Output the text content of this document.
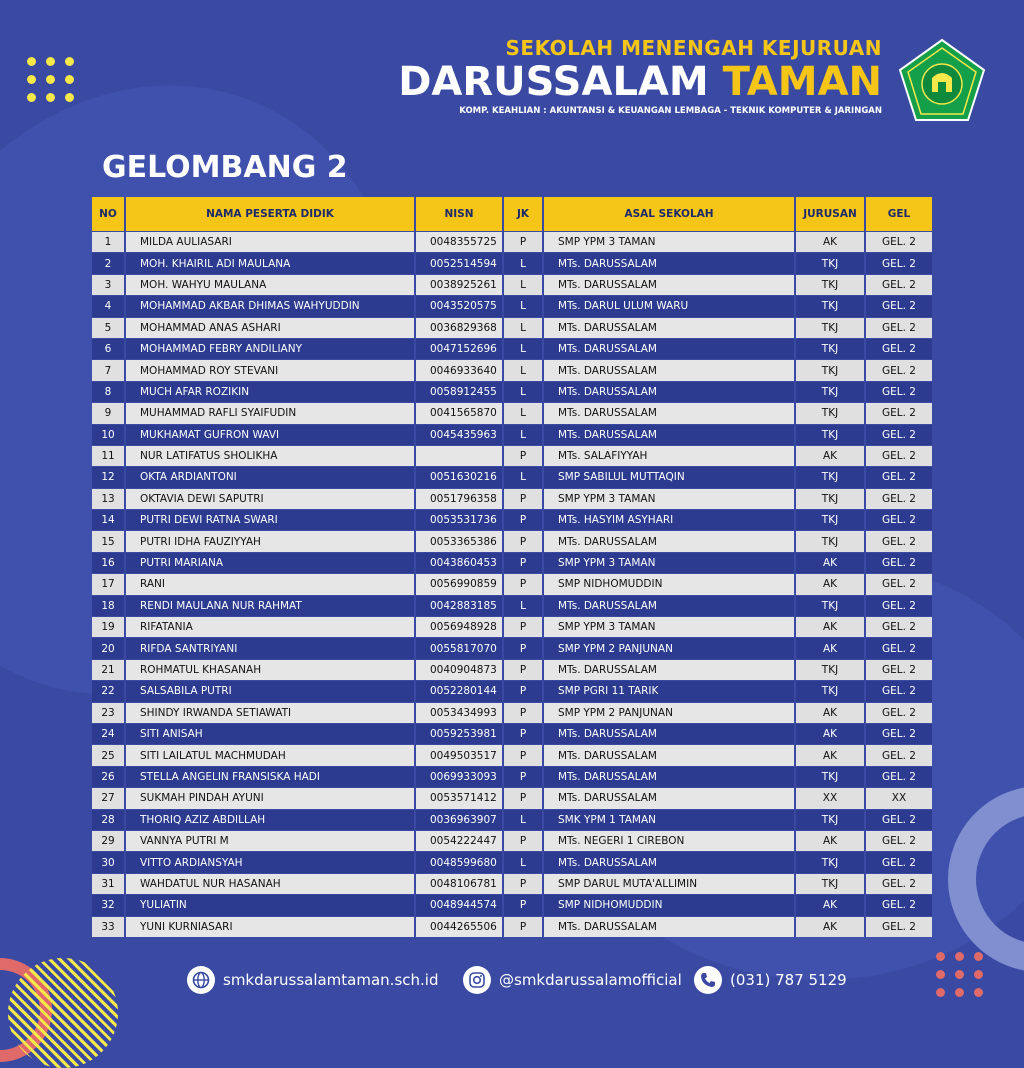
SEKOLAH MENENGAH KEJURUAN
DARUSSALAM TAMAN
KOMP. KEAHLIAN : AKUNTANSI & KEUANGAN LEMBAGA - TEKNIK KOMPUTER & JARINGAN
GELOMBANG 2
NO	NAMA PESERTA DIDIK	NISN	JK	ASAL SEKOLAH	JURUSAN	GEL
1	MILDA AULIASARI	0048355725	P	SMP YPM 3 TAMAN	AK	GEL. 2
2	MOH. KHAIRIL ADI MAULANA	0052514594	L	MTs. DARUSSALAM	TKJ	GEL. 2
3	MOH. WAHYU MAULANA	0038925261	L	MTs. DARUSSALAM	TKJ	GEL. 2
4	MOHAMMAD AKBAR DHIMAS WAHYUDDIN	0043520575	L	MTs. DARUL ULUM WARU	TKJ	GEL. 2
5	MOHAMMAD ANAS ASHARI	0036829368	L	MTs. DARUSSALAM	TKJ	GEL. 2
6	MOHAMMAD FEBRY ANDILIANY	0047152696	L	MTs. DARUSSALAM	TKJ	GEL. 2
7	MOHAMMAD ROY STEVANI	0046933640	L	MTs. DARUSSALAM	TKJ	GEL. 2
8	MUCH AFAR ROZIKIN	0058912455	L	MTs. DARUSSALAM	TKJ	GEL. 2
9	MUHAMMAD RAFLI SYAIFUDIN	0041565870	L	MTs. DARUSSALAM	TKJ	GEL. 2
10	MUKHAMAT GUFRON WAVI	0045435963	L	MTs. DARUSSALAM	TKJ	GEL. 2
11	NUR LATIFATUS SHOLIKHA		P	MTs. SALAFIYYAH	AK	GEL. 2
12	OKTA ARDIANTONI	0051630216	L	SMP SABILUL MUTTAQIN	TKJ	GEL. 2
13	OKTAVIA DEWI SAPUTRI	0051796358	P	SMP YPM 3 TAMAN	TKJ	GEL. 2
14	PUTRI DEWI RATNA SWARI	0053531736	P	MTs. HASYIM ASYHARI	TKJ	GEL. 2
15	PUTRI IDHA FAUZIYYAH	0053365386	P	MTs. DARUSSALAM	TKJ	GEL. 2
16	PUTRI MARIANA	0043860453	P	SMP YPM 3 TAMAN	AK	GEL. 2
17	RANI	0056990859	P	SMP NIDHOMUDDIN	AK	GEL. 2
18	RENDI MAULANA NUR RAHMAT	0042883185	L	MTs. DARUSSALAM	TKJ	GEL. 2
19	RIFATANIA	0056948928	P	SMP YPM 3 TAMAN	AK	GEL. 2
20	RIFDA SANTRIYANI	0055817070	P	SMP YPM 2 PANJUNAN	AK	GEL. 2
21	ROHMATUL KHASANAH	0040904873	P	MTs. DARUSSALAM	TKJ	GEL. 2
22	SALSABILA PUTRI	0052280144	P	SMP PGRI 11 TARIK	TKJ	GEL. 2
23	SHINDY IRWANDA SETIAWATI	0053434993	P	SMP YPM 2 PANJUNAN	AK	GEL. 2
24	SITI ANISAH	0059253981	P	MTs. DARUSSALAM	AK	GEL. 2
25	SITI LAILATUL MACHMUDAH	0049503517	P	MTs. DARUSSALAM	AK	GEL. 2
26	STELLA ANGELIN FRANSISKA HADI	0069933093	P	MTs. DARUSSALAM	TKJ	GEL. 2
27	SUKMAH PINDAH AYUNI	0053571412	P	MTs. DARUSSALAM	XX	XX
28	THORIQ AZIZ ABDILLAH	0036963907	L	SMK YPM 1 TAMAN	TKJ	GEL. 2
29	VANNYA PUTRI M	0054222447	P	MTs. NEGERI 1 CIREBON	AK	GEL. 2
30	VITTO ARDIANSYAH	0048599680	L	MTs. DARUSSALAM	TKJ	GEL. 2
31	WAHDATUL NUR HASANAH	0048106781	P	SMP DARUL MUTA'ALLIMIN	TKJ	GEL. 2
32	YULIATIN	0048944574	P	SMP NIDHOMUDDIN	AK	GEL. 2
33	YUNI KURNIASARI	0044265506	P	MTs. DARUSSALAM	AK	GEL. 2
smkdarussalamtaman.sch.id	@smkdarussalamofficial	(031) 787 5129
